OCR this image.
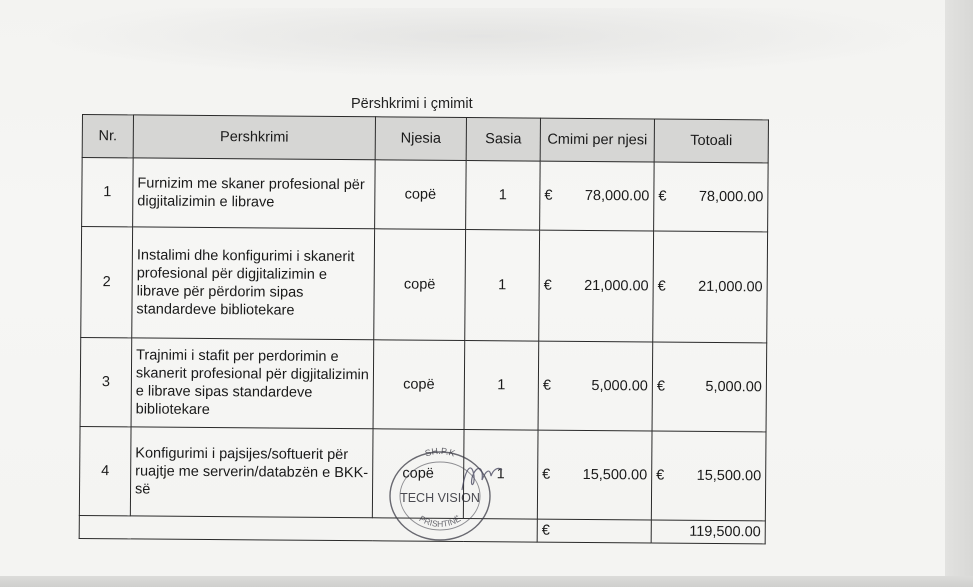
Përshkrimi i çmimit
Nr.	Pershkrimi	Njesia	Sasia	Cmimi per njesi	Totoali
1	Furnizim me skaner profesional për digjitalizimin e librave	copë	1	€ 78,000.00	€ 78,000.00

2	Instalimi dhe konfigurimi i skanerit profesional për digjitalizimin e librave për përdorim sipas standardeve bibliotekare	copë	1	€ 21,000.00	€ 21,000.00

3	Trajnimi i stafit per perdorimin e skanerit profesional për digjitalizimin e librave sipas standardeve bibliotekare	copë	1	€ 5,000.00	€ 5,000.00

4	Konfigurimi i pajsijes/softuerit për ruajtje me serverin/databzën e BKK-së	copë	1	€ 15,500.00	€ 15,500.00

				€	119,500.00
SH.P.K
TECH VISION
PRISHTINË
